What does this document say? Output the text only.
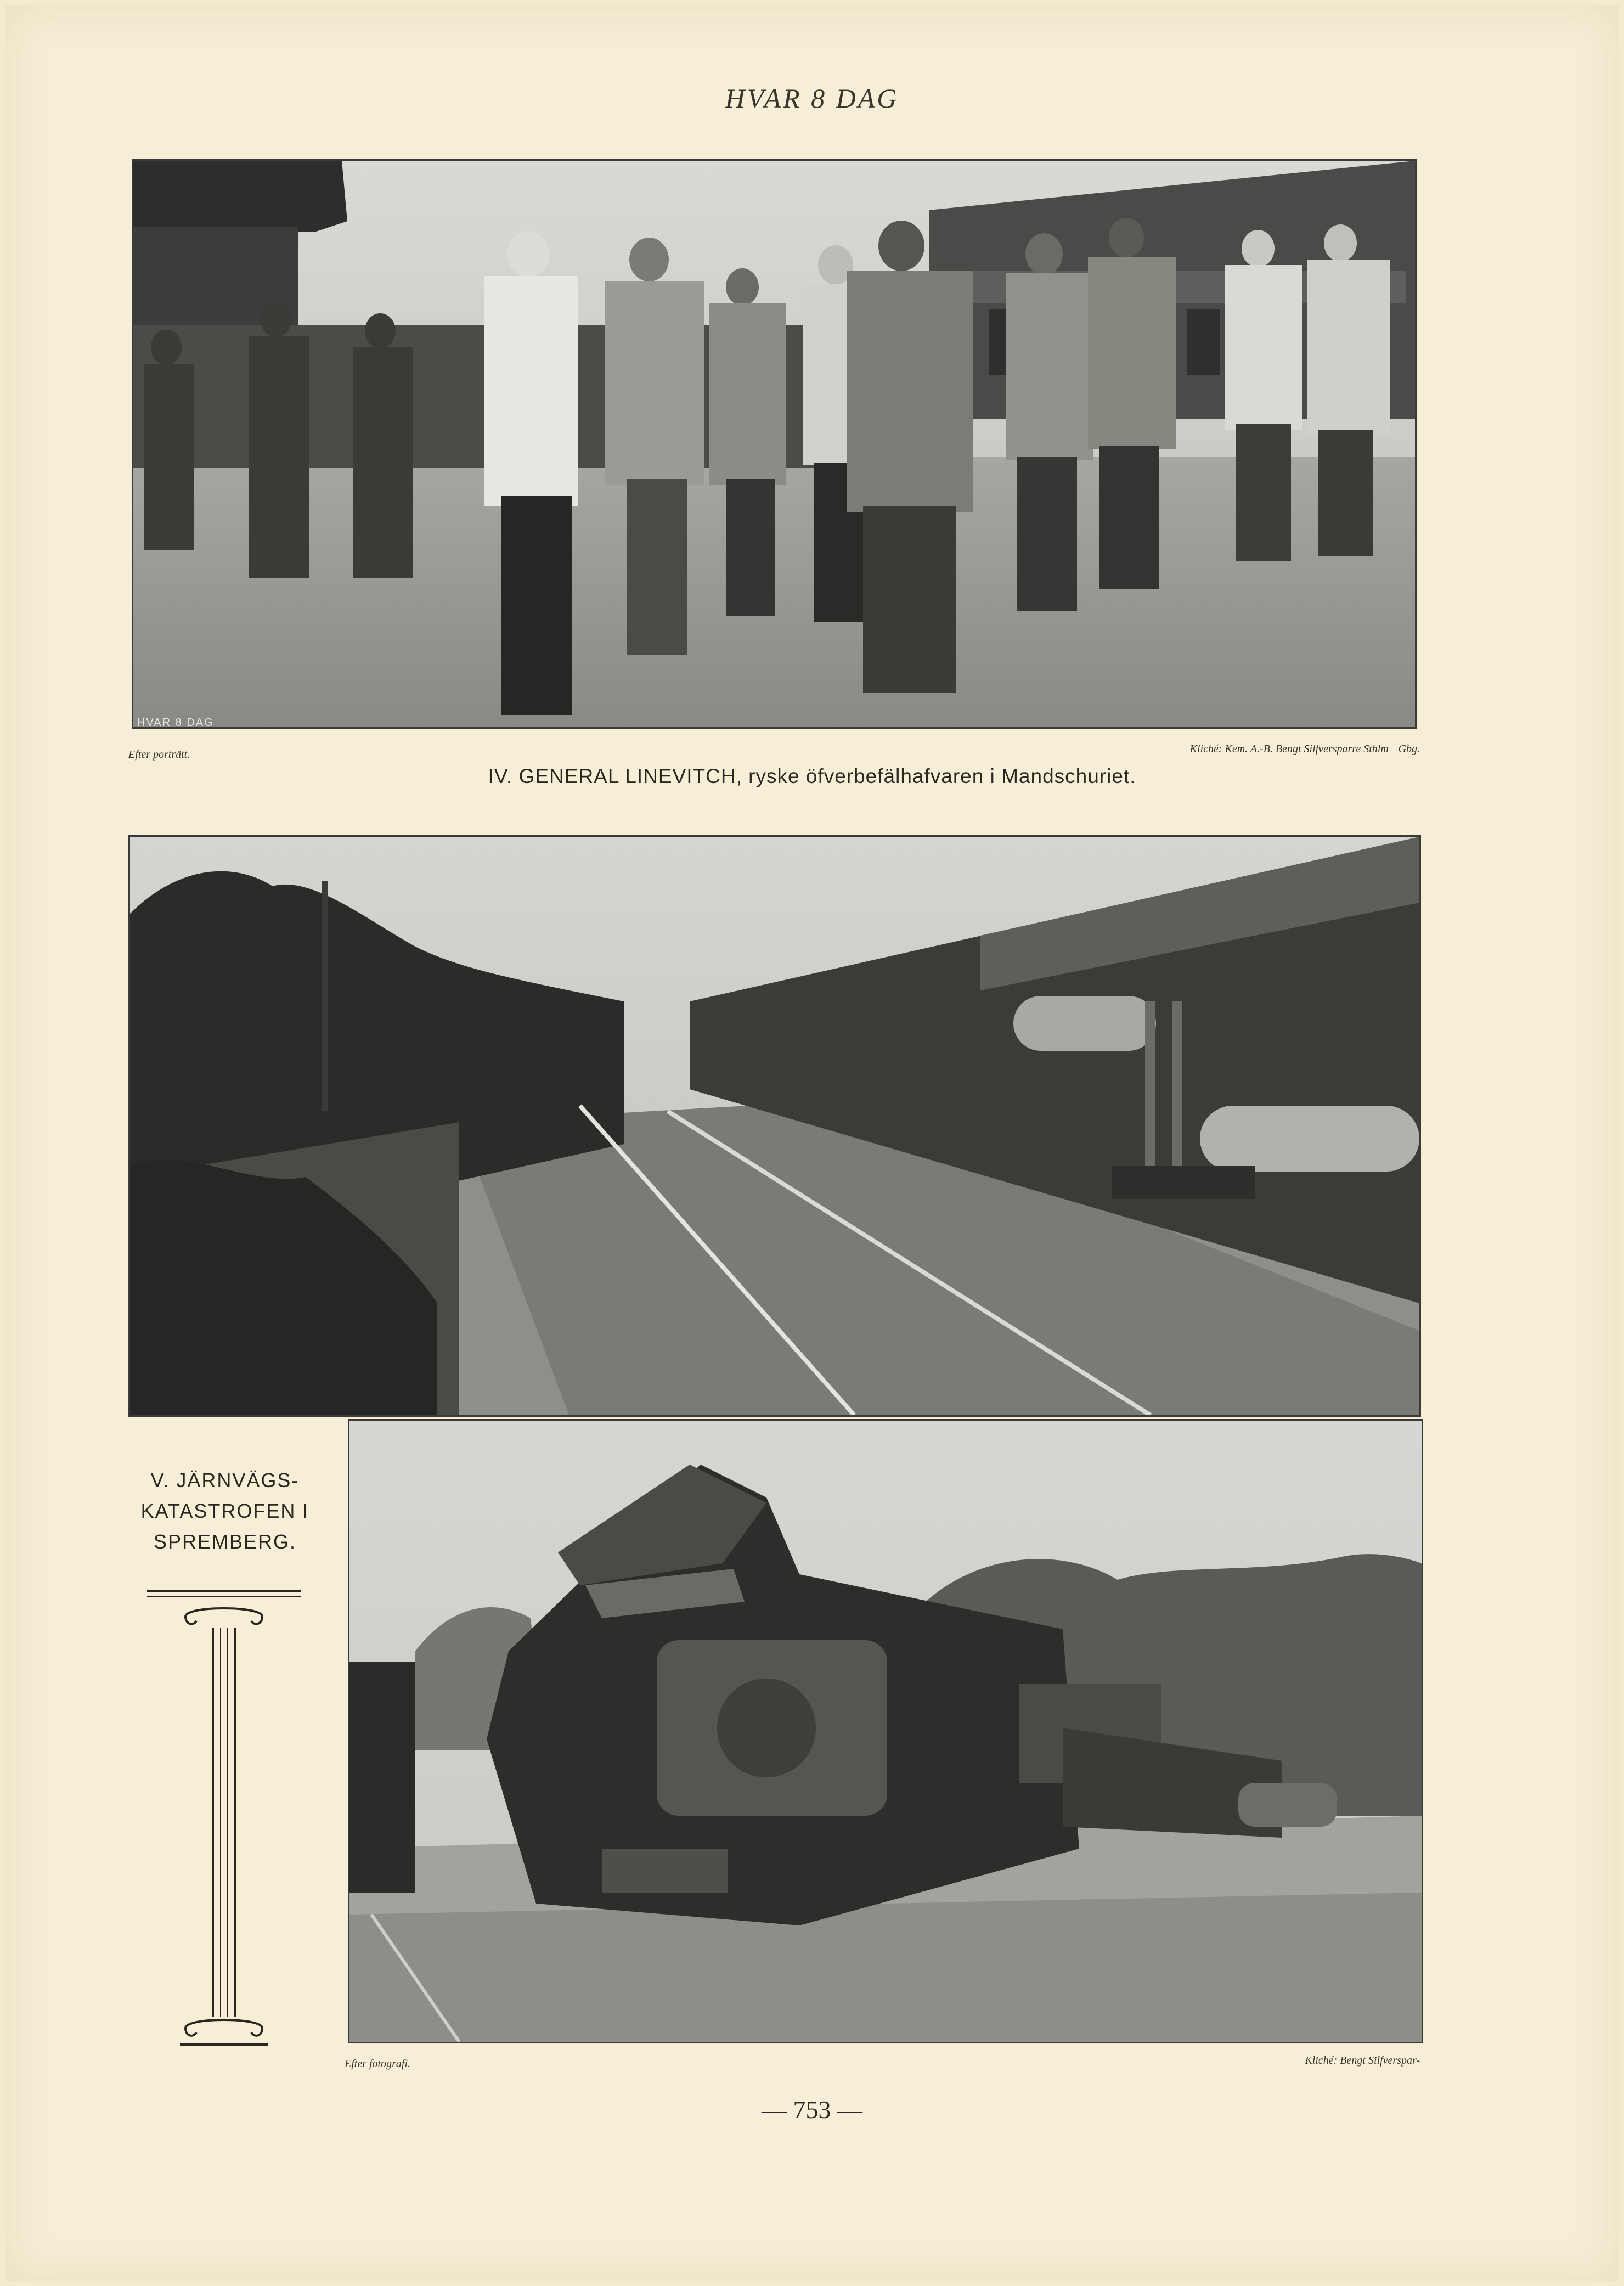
HVAR 8 DAG
HVAR 8 DAG
Efter porträtt.	Kliché: Kem. A.-B. Bengt Silfversparre Sthlm—Gbg.
IV. GENERAL LINEVITCH, ryske öfverbefälhafvaren i Mandschuriet.
V. JÄRNVÄGS-
KATASTROFEN I
SPREMBERG.
Efter fotografi.	Kliché: Bengt Silfverspar-
— 753 —
